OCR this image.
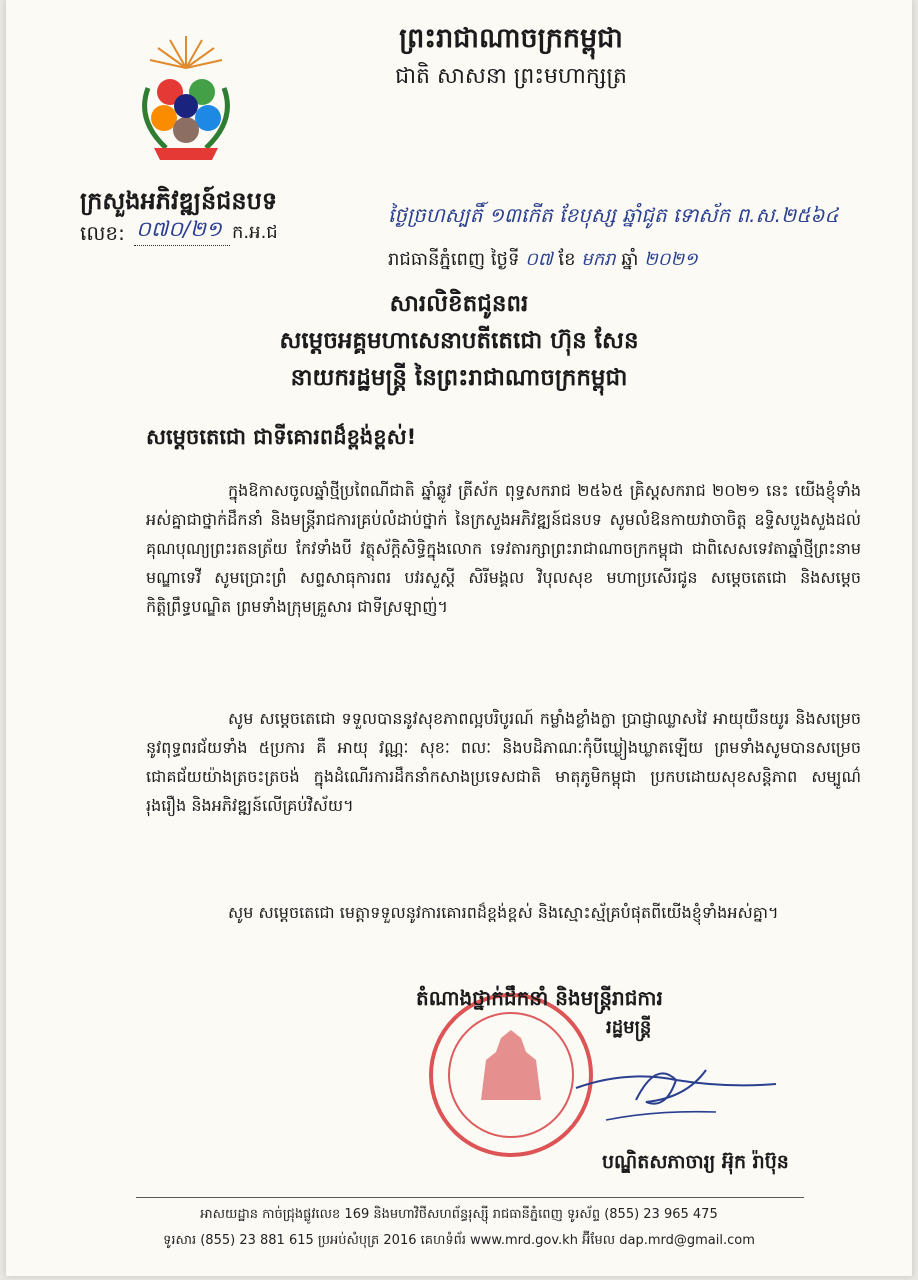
ព្រះរាជាណាចក្រកម្ពុជា
ជាតិ សាសនា ព្រះមហាក្សត្រ
ក្រសួងអភិវឌ្ឍន៍ជនបទ
លេខ: ០៧០/២១ ក.អ.ជ
ថ្ងៃច្រហស្បតិ៍ ១៣កេីត ខែបុស្ស ឆ្នាំជូត ទោស័ក ព.ស.២៥៦៤
រាជធានីភ្នំពេញ ថ្ងៃទី ០៧ ខែ មករា ឆ្នាំ ២០២១
សារលិខិតជូនពរ
សម្តេចអគ្គមហាសេនាបតីតេជោ ហ៊ុន សែន
នាយករដ្ឋមន្ត្រី នៃព្រះរាជាណាចក្រកម្ពុជា
សម្តេចតេជោ ជាទីគោរពដ៏ខ្ពង់ខ្ពស់!
ក្នុងឱកាសចូលឆ្នាំថ្មីប្រពៃណីជាតិ ឆ្នាំឆ្លូវ ត្រីស័ក ពុទ្ធសករាជ ២៥៦៥ គ្រិស្តសករាជ ២០២១ នេះ យើងខ្ញុំទាំងអស់គ្នាជាថ្នាក់ដឹកនាំ និងមន្ត្រីរាជការគ្រប់លំដាប់ថ្នាក់ នៃក្រសួងអភិវឌ្ឍន៍ជនបទ សូមលំឱនកាយវាចាចិត្ត ឧទ្ទិសបួងសួងដល់គុណបុណ្យព្រះរតនត្រ័យ កែវទាំងបី វត្ថុស័ក្តិសិទ្ធិក្នុងលោក ទេវតារក្សាព្រះរាជាណាចក្រកម្ពុជា ជាពិសេសទេវតាឆ្នាំថ្មីព្រះនាម មណ្ឌាទេវី សូមប្រោះព្រំ សព្ទសាធុការពរ បវរសួស្តី សិរីមង្គល វិបុលសុខ មហាប្រសើរជូន សម្តេចតេជោ និងសម្តេចកិត្តិព្រឹទ្ធបណ្ឌិត ព្រមទាំងក្រុមគ្រួសារ ជាទីស្រឡាញ់។
សូម សម្តេចតេជោ ទទួលបាននូវសុខភាពល្អបរិបូរណ៍ កម្លាំងខ្លាំងក្លា ប្រាជ្ញាឈ្លាសវៃ អាយុយឺនយូរ និងសម្រេចនូវពុទ្ធពរជ័យទាំង ៥ប្រការ គឺ អាយុ វណ្ណៈ សុខៈ ពលៈ និងបដិភាណៈកុំបីឃ្លៀងឃ្លាតឡើយ ព្រមទាំងសូមបានសម្រេចជោគជ័យយ៉ាងត្រចះត្រចង់ ក្នុងដំណើរការដឹកនាំកសាងប្រទេសជាតិ មាតុភូមិកម្ពុជា ប្រកបដោយសុខសន្តិភាព សម្បូណ៌រុងរឿង និងអភិវឌ្ឍន៍លើគ្រប់វិស័យ។
សូម សម្តេចតេជោ មេត្តាទទួលនូវការគោរពដ៏ខ្ពង់ខ្ពស់ និងស្មោះស្ម័គ្របំផុតពីយើងខ្ញុំទាំងអស់គ្នា។
តំណាងថ្នាក់ដឹកនាំ និងមន្ត្រីរាជការ
រដ្ឋមន្ត្រី
បណ្ឌិតសភាចារ្យ អ៊ុក រ៉ាប៊ុន
អាសយដ្ឋាន កាច់ជ្រុងផ្លូវលេខ 169 និងមហាវិថីសហព័ន្ធរុស្ស៊ី រាជធានីភ្នំពេញ ទូរស័ព្ទ (855) 23 965 475
ទូរសារ (855) 23 881 615 ប្រអប់សំបុត្រ 2016 គេហទំព័រ www.mrd.gov.kh អ៊ីមែល dap.mrd@gmail.com
